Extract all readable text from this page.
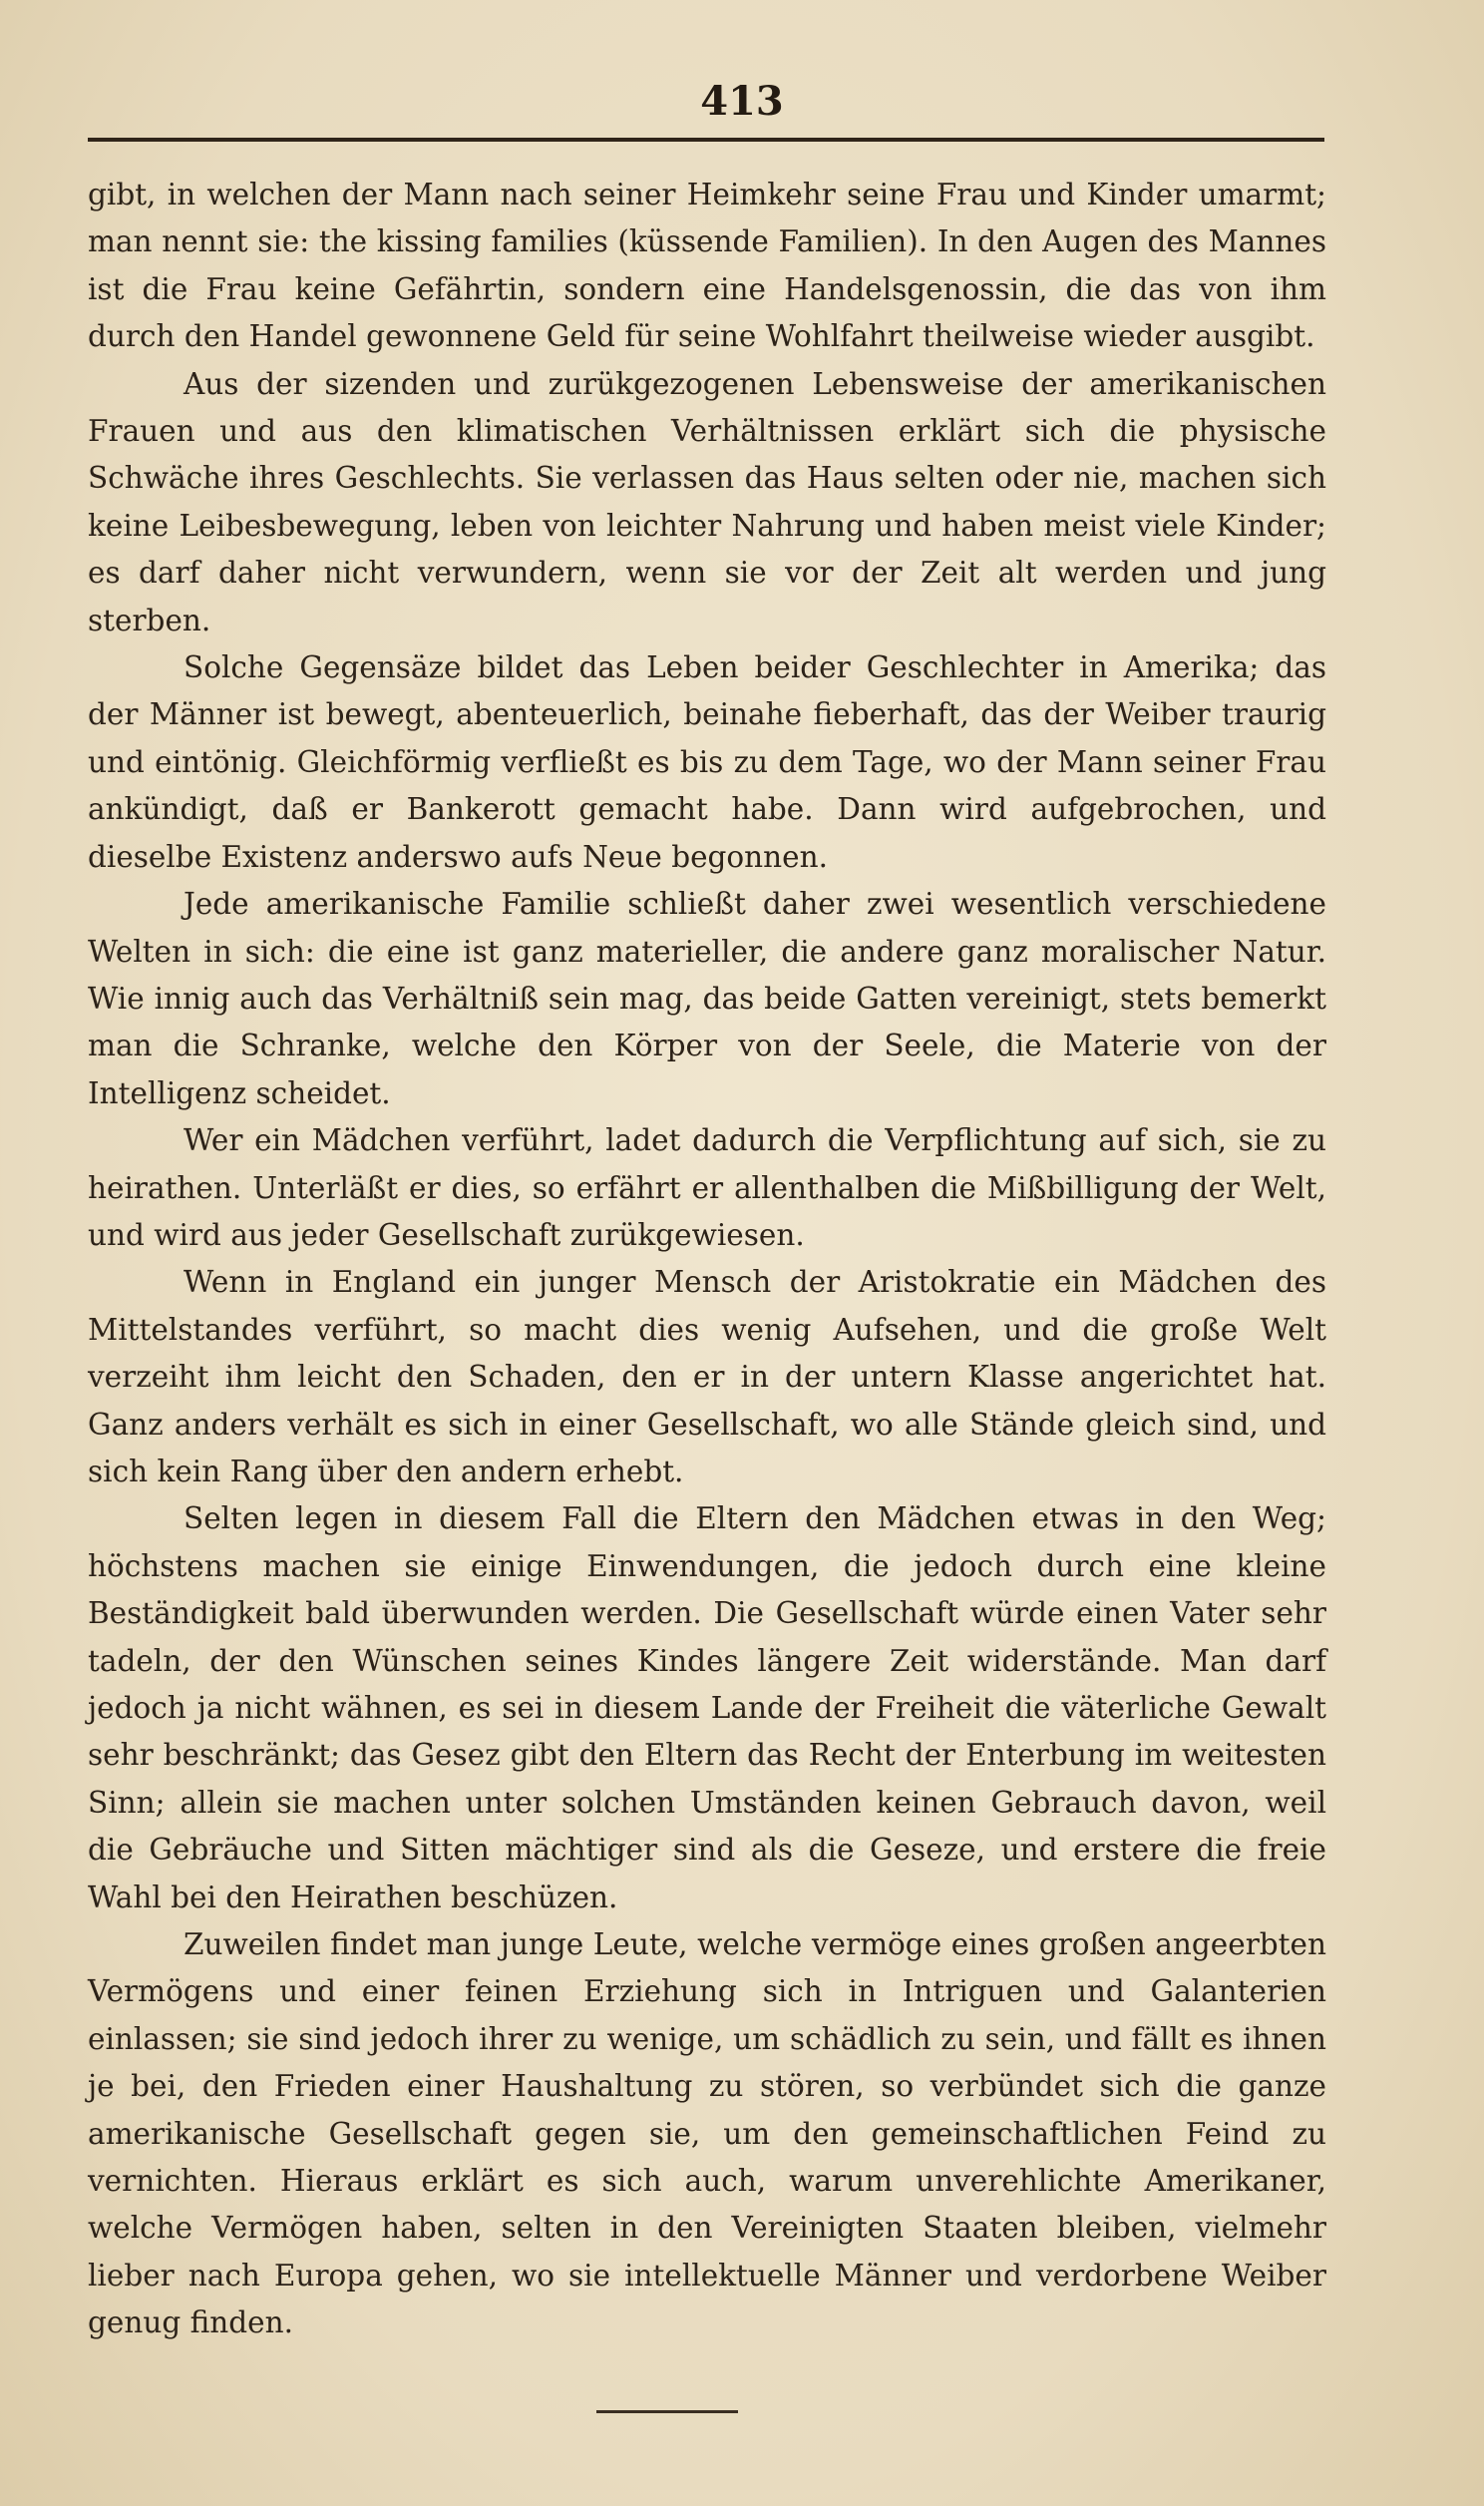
413

gibt, in welchen der Mann nach seiner Heimkehr seine Frau und Kinder umarmt; man nennt sie: the kissing families (küssende Familien). In den Augen des Mannes ist die Frau keine Gefährtin, sondern eine Handelsgenossin, die das von ihm durch den Handel gewonnene Geld für seine Wohlfahrt theilweise wieder ausgibt.

Aus der sizenden und zurükgezogenen Lebensweise der amerikanischen Frauen und aus den klimatischen Verhältnissen erklärt sich die physische Schwäche ihres Geschlechts. Sie verlassen das Haus selten oder nie, machen sich keine Leibesbewegung, leben von leichter Nahrung und haben meist viele Kinder; es darf daher nicht verwundern, wenn sie vor der Zeit alt werden und jung sterben.

Solche Gegensäze bildet das Leben beider Geschlechter in Amerika; das der Männer ist bewegt, abenteuerlich, beinahe fieberhaft, das der Weiber traurig und eintönig. Gleichförmig verfließt es bis zu dem Tage, wo der Mann seiner Frau ankündigt, daß er Bankerott gemacht habe. Dann wird aufgebrochen, und dieselbe Existenz anderswo aufs Neue begonnen.

Jede amerikanische Familie schließt daher zwei wesentlich verschiedene Welten in sich: die eine ist ganz materieller, die andere ganz moralischer Natur. Wie innig auch das Verhältniß sein mag, das beide Gatten vereinigt, stets bemerkt man die Schranke, welche den Körper von der Seele, die Materie von der Intelligenz scheidet.

Wer ein Mädchen verführt, ladet dadurch die Verpflichtung auf sich, sie zu heirathen. Unterläßt er dies, so erfährt er allenthalben die Mißbilligung der Welt, und wird aus jeder Gesellschaft zurükgewiesen.

Wenn in England ein junger Mensch der Aristokratie ein Mädchen des Mittelstandes verführt, so macht dies wenig Aufsehen, und die große Welt verzeiht ihm leicht den Schaden, den er in der untern Klasse angerichtet hat. Ganz anders verhält es sich in einer Gesellschaft, wo alle Stände gleich sind, und sich kein Rang über den andern erhebt.

Selten legen in diesem Fall die Eltern den Mädchen etwas in den Weg; höchstens machen sie einige Einwendungen, die jedoch durch eine kleine Beständigkeit bald überwunden werden. Die Gesellschaft würde einen Vater sehr tadeln, der den Wünschen seines Kindes längere Zeit widerstände. Man darf jedoch ja nicht wähnen, es sei in diesem Lande der Freiheit die väterliche Gewalt sehr beschränkt; das Gesez gibt den Eltern das Recht der Enterbung im weitesten Sinn; allein sie machen unter solchen Umständen keinen Gebrauch davon, weil die Gebräuche und Sitten mächtiger sind als die Geseze, und erstere die freie Wahl bei den Heirathen beschüzen.

Zuweilen findet man junge Leute, welche vermöge eines großen angeerbten Vermögens und einer feinen Erziehung sich in Intriguen und Galanterien einlassen; sie sind jedoch ihrer zu wenige, um schädlich zu sein, und fällt es ihnen je bei, den Frieden einer Haushaltung zu stören, so verbündet sich die ganze amerikanische Gesellschaft gegen sie, um den gemeinschaftlichen Feind zu vernichten. Hieraus erklärt es sich auch, warum unverehlichte Amerikaner, welche Vermögen haben, selten in den Vereinigten Staaten bleiben, vielmehr lieber nach Europa gehen, wo sie intellektuelle Männer und verdorbene Weiber genug finden.
